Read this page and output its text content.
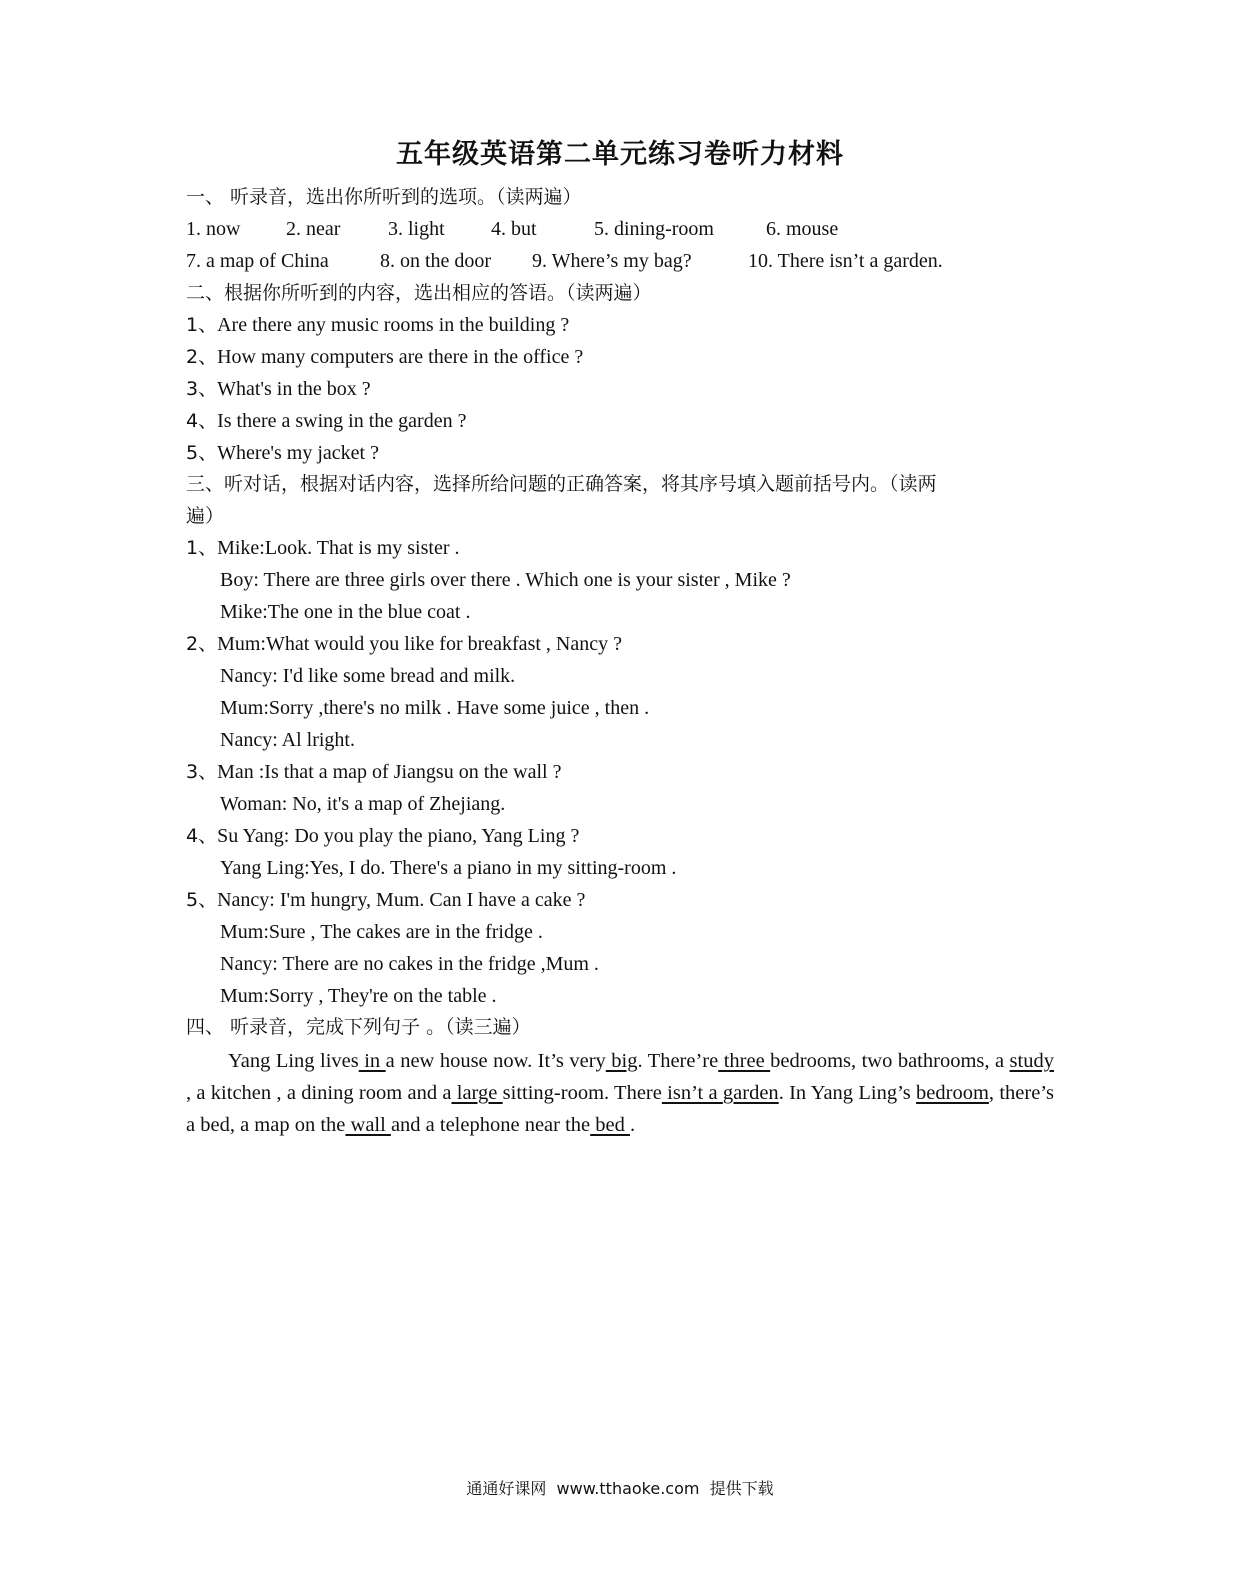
五年级英语第二单元练习卷听力材料
一、 听录音，选出你所听到的选项。（读两遍）
1. now 2. near 3. light 4. but	5. dining-room	6. mouse
7. a map of China	8. on the door 9. Where’s my bag?	10. There isn’t a garden.
二、根据你所听到的内容，选出相应的答语。（读两遍）
1、Are there any music rooms in the building ?
2、How many computers are there in the office ?
3、What's in the box ?
4、Is there a swing in the garden ?
5、Where's my jacket ?
三、听对话，根据对话内容，选择所给问题的正确答案，将其序号填入题前括号内。（读两
遍）
1、Mike:Look. That is my sister .
Boy: There are three girls over there . Which one is your sister , Mike ?
Mike:The one in the blue coat .
2、Mum:What would you like for breakfast , Nancy ?
Nancy: I'd like some bread and milk.
Mum:Sorry ,there's no milk . Have some juice , then .
Nancy: Al lright.
3、Man :Is that a map of Jiangsu on the wall ?
Woman: No, it's a map of Zhejiang.
4、Su Yang: Do you play the piano, Yang Ling ?
Yang Ling:Yes, I do. There's a piano in my sitting-room .
5、Nancy: I'm hungry, Mum. Can I have a cake ?
Mum:Sure , The cakes are in the fridge .
Nancy: There are no cakes in the fridge ,Mum .
Mum:Sorry , They're on the table .
四、 听录音，完成下列句子 。（读三遍）
Yang Ling lives in a new house now. It’s very big. There’re three bedrooms, two bathrooms, a study , a kitchen , a dining room and a large sitting-room. There isn’t a garden. In Yang Ling’s bedroom, there’s a bed, a map on the wall and a telephone near the bed .
通通好课网  www.tthaoke.com  提供下载
